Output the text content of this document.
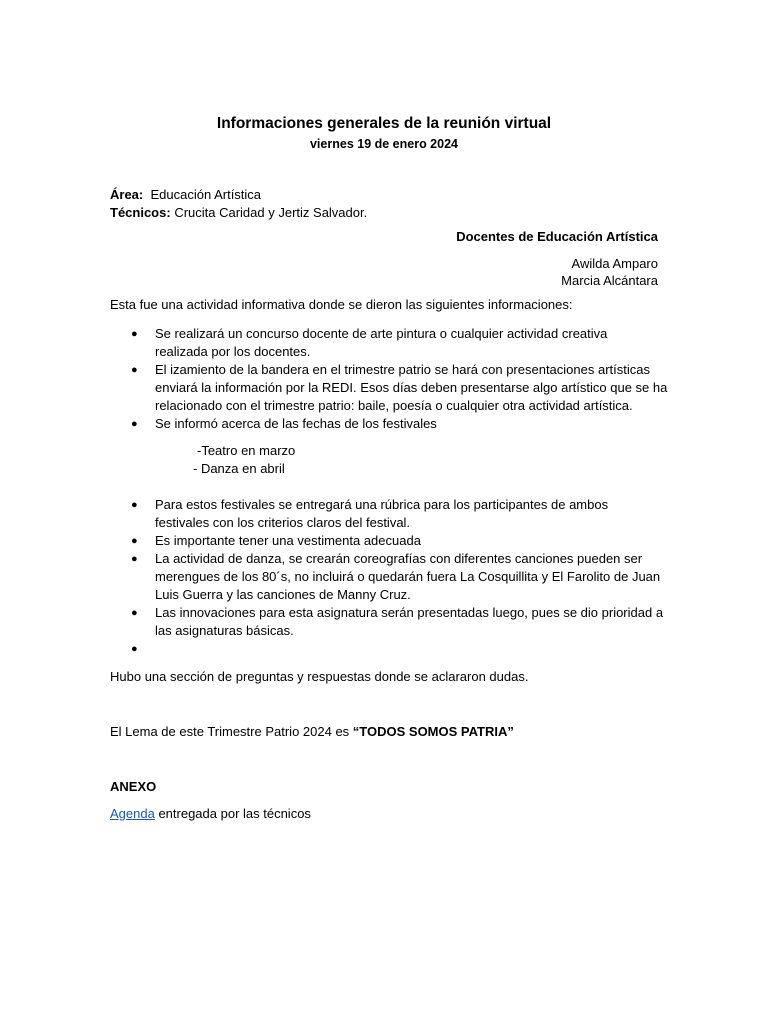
Informaciones generales de la reunión virtual
viernes 19 de enero 2024
Área: Educación Artística
Técnicos: Crucita Caridad y Jertiz Salvador.
Docentes de Educación Artística
Awilda Amparo
Marcia Alcántara
Esta fue una actividad informativa donde se dieron las siguientes informaciones:
● Se realizará un concurso docente de arte pintura o cualquier actividad creativa
realizada por los docentes.
● El izamiento de la bandera en el trimestre patrio se hará con presentaciones artísticas
enviará la información por la REDI. Esos días deben presentarse algo artístico que se ha
relacionado con el trimestre patrio: baile, poesía o cualquier otra actividad artística.
● Se informó acerca de las fechas de los festivales
-Teatro en marzo
- Danza en abril
● Para estos festivales se entregará una rúbrica para los participantes de ambos
festivales con los criterios claros del festival.
● Es importante tener una vestimenta adecuada
● La actividad de danza, se crearán coreografías con diferentes canciones pueden ser
merengues de los 80´s, no incluirá o quedarán fuera La Cosquillita y El Farolito de Juan
Luis Guerra y las canciones de Manny Cruz.
● Las innovaciones para esta asignatura serán presentadas luego, pues se dio prioridad a
las asignaturas básicas.
●
Hubo una sección de preguntas y respuestas donde se aclararon dudas.
El Lema de este Trimestre Patrio 2024 es “TODOS SOMOS PATRIA”
ANEXO
Agenda entregada por las técnicos
